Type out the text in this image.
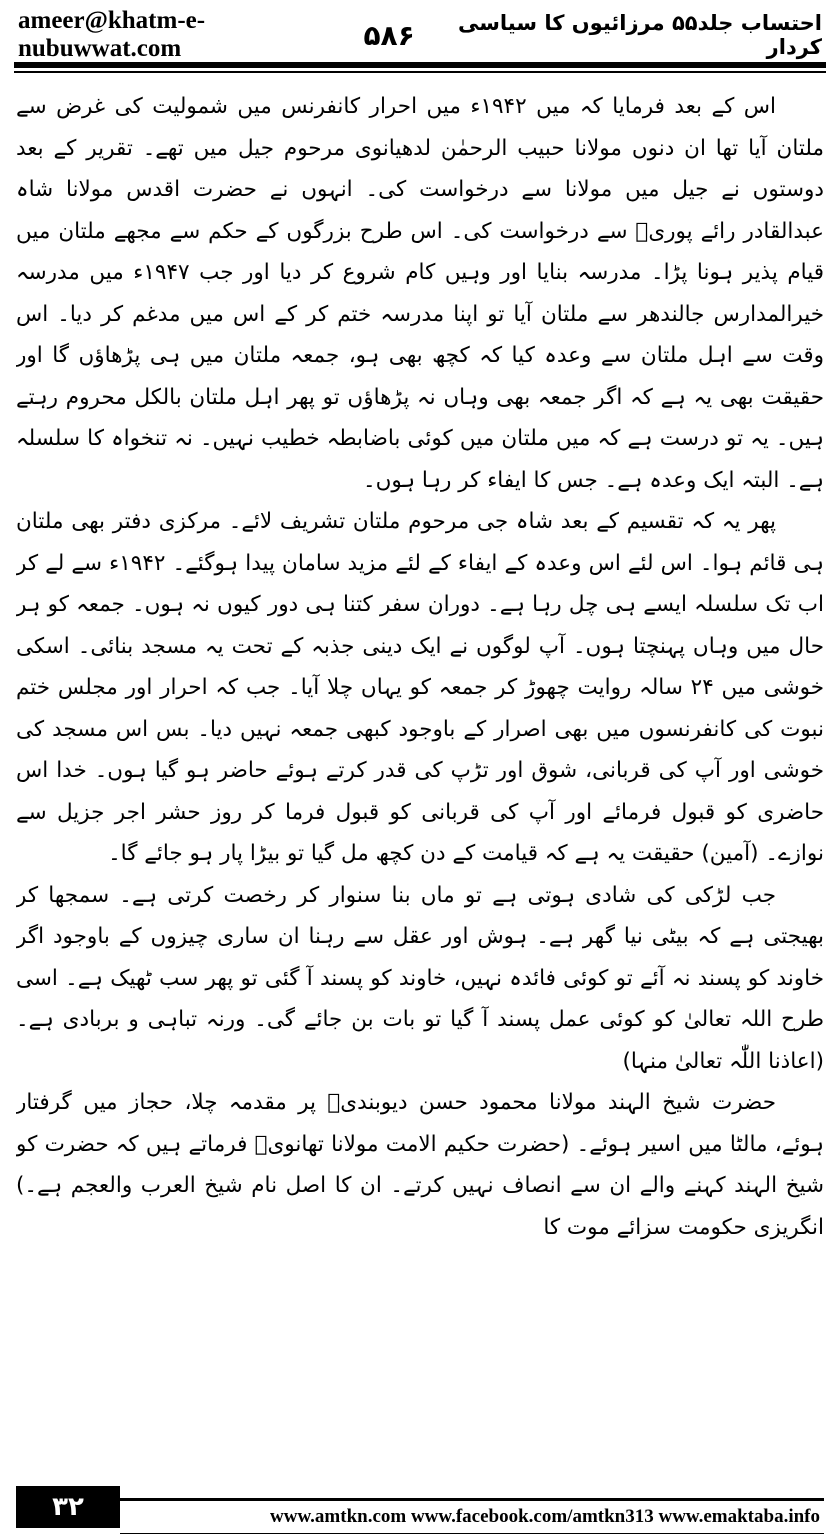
ameer@khatm-e-nubuwwat.com	۵۸۶	احتساب جلد۵۵ مرزائیوں کا سیاسی کردار

اس کے بعد فرمایا کہ میں ۱۹۴۲ء میں احرار کانفرنس میں شمولیت کی غرض سے ملتان آیا تھا ان دنوں مولانا حبیب الرحمٰن لدھیانوی مرحوم جیل میں تھے۔ تقریر کے بعد دوستوں نے جیل میں مولانا سے درخواست کی۔ انہوں نے حضرت اقدس مولانا شاہ عبدالقادر رائے پوریؒ سے درخواست کی۔ اس طرح بزرگوں کے حکم سے مجھے ملتان میں قیام پذیر ہونا پڑا۔ مدرسہ بنایا اور وہیں کام شروع کر دیا اور جب ۱۹۴۷ء میں مدرسہ خیرالمدارس جالندھر سے ملتان آیا تو اپنا مدرسہ ختم کر کے اس میں مدغم کر دیا۔ اس وقت سے اہل ملتان سے وعدہ کیا کہ کچھ بھی ہو، جمعہ ملتان میں ہی پڑھاؤں گا اور حقیقت بھی یہ ہے کہ اگر جمعہ بھی وہاں نہ پڑھاؤں تو پھر اہل ملتان بالکل محروم رہتے ہیں۔ یہ تو درست ہے کہ میں ملتان میں کوئی باضابطہ خطیب نہیں۔ نہ تنخواہ کا سلسلہ ہے۔ البتہ ایک وعدہ ہے۔ جس کا ایفاء کر رہا ہوں۔

پھر یہ کہ تقسیم کے بعد شاہ جی مرحوم ملتان تشریف لائے۔ مرکزی دفتر بھی ملتان ہی قائم ہوا۔ اس لئے اس وعدہ کے ایفاء کے لئے مزید سامان پیدا ہوگئے۔ ۱۹۴۲ء سے لے کر اب تک سلسلہ ایسے ہی چل رہا ہے۔ دوران سفر کتنا ہی دور کیوں نہ ہوں۔ جمعہ کو ہر حال میں وہاں پہنچتا ہوں۔ آپ لوگوں نے ایک دینی جذبہ کے تحت یہ مسجد بنائی۔ اسکی خوشی میں ۲۴ سالہ روایت چھوڑ کر جمعہ کو یہاں چلا آیا۔ جب کہ احرار اور مجلس ختم نبوت کی کانفرنسوں میں بھی اصرار کے باوجود کبھی جمعہ نہیں دیا۔ بس اس مسجد کی خوشی اور آپ کی قربانی، شوق اور تڑپ کی قدر کرتے ہوئے حاضر ہو گیا ہوں۔ خدا اس حاضری کو قبول فرمائے اور آپ کی قربانی کو قبول فرما کر روز حشر اجر جزیل سے نوازے۔ (آمین) حقیقت یہ ہے کہ قیامت کے دن کچھ مل گیا تو بیڑا پار ہو جائے گا۔

جب لڑکی کی شادی ہوتی ہے تو ماں بنا سنوار کر رخصت کرتی ہے۔ سمجھا کر بھیجتی ہے کہ بیٹی نیا گھر ہے۔ ہوش اور عقل سے رہنا ان ساری چیزوں کے باوجود اگر خاوند کو پسند نہ آئے تو کوئی فائدہ نہیں، خاوند کو پسند آ گئی تو پھر سب ٹھیک ہے۔ اسی طرح اللہ تعالیٰ کو کوئی عمل پسند آ گیا تو بات بن جائے گی۔ ورنہ تباہی و بربادی ہے۔ (اعاذنا اللّٰہ تعالیٰ منہا)

حضرت شیخ الہند مولانا محمود حسن دیوبندیؒ پر مقدمہ چلا، حجاز میں گرفتار ہوئے، مالٹا میں اسیر ہوئے۔ (حضرت حکیم الامت مولانا تھانویؒ فرماتے ہیں کہ حضرت کو شیخ الہند کہنے والے ان سے انصاف نہیں کرتے۔ ان کا اصل نام شیخ العرب والعجم ہے۔) انگریزی حکومت سزائے موت کا

۳۲	www.amtkn.com www.facebook.com/amtkn313 www.emaktaba.info
